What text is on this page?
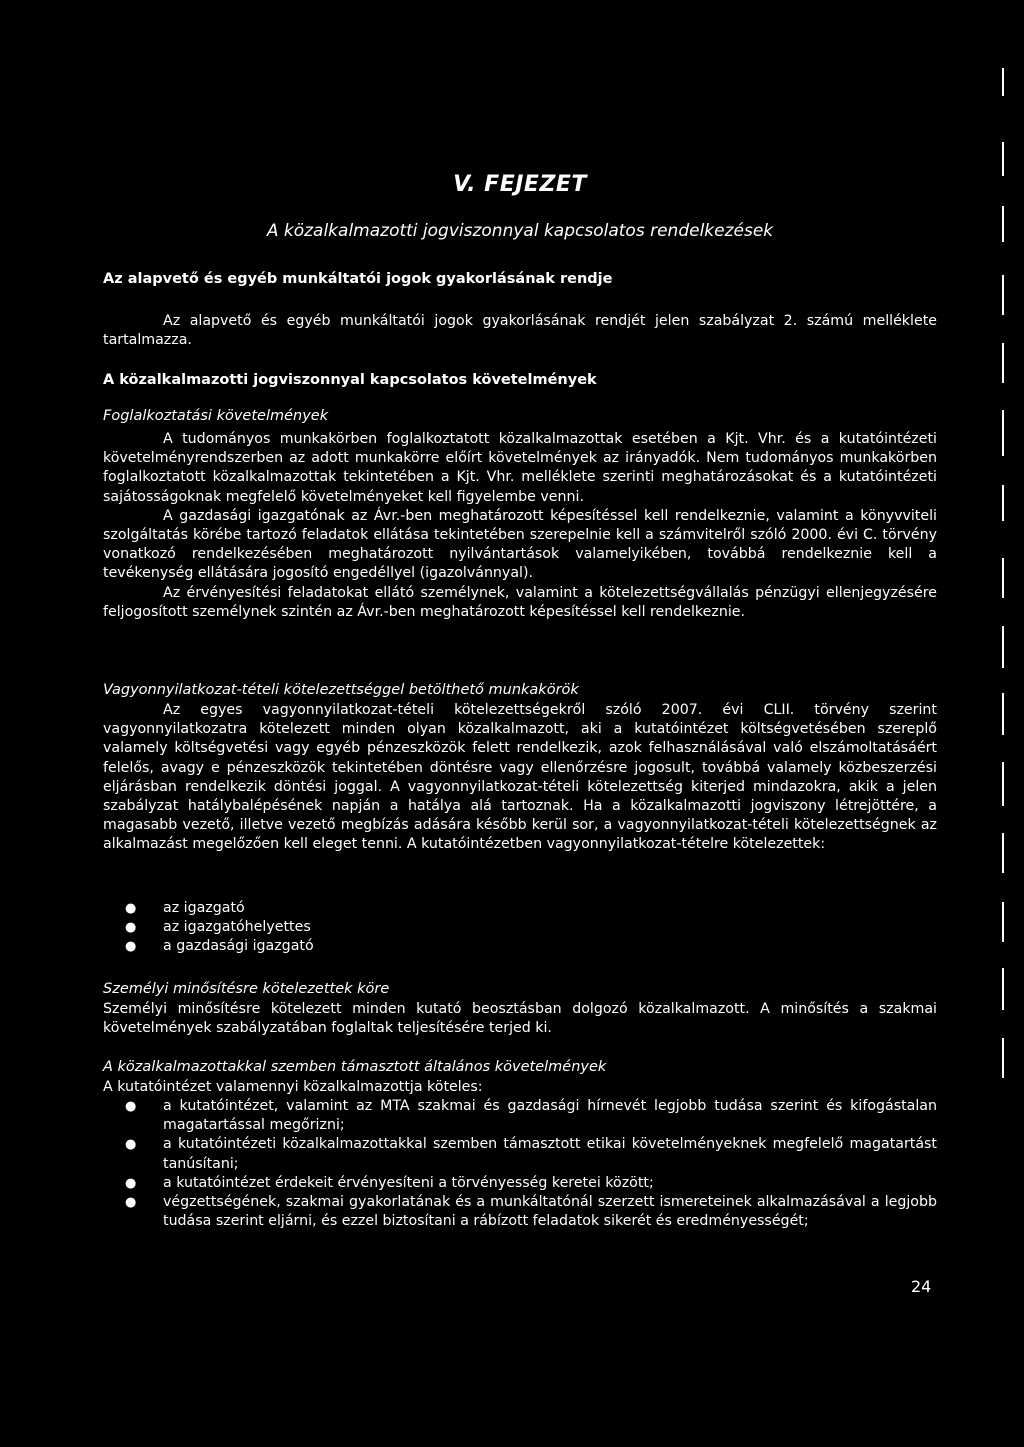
V. FEJEZET
A közalkalmazotti jogviszonnyal kapcsolatos rendelkezések
Az alapvető és egyéb munkáltatói jogok gyakorlásának rendje

Az alapvető és egyéb munkáltatói jogok gyakorlásának rendjét jelen szabályzat 2. számú melléklete tartalmazza.

A közalkalmazotti jogviszonnyal kapcsolatos követelmények
Foglalkoztatási követelmények

A tudományos munkakörben foglalkoztatott közalkalmazottak esetében a Kjt. Vhr. és a kutatóintézeti követelményrendszerben az adott munkakörre előírt követelmények az irányadók. Nem tudományos munkakörben foglalkoztatott közalkalmazottak tekintetében a Kjt. Vhr. melléklete szerinti meghatározásokat és a kutatóintézeti sajátosságoknak megfelelő követelményeket kell figyelembe venni.

A gazdasági igazgatónak az Ávr.-ben meghatározott képesítéssel kell rendelkeznie, valamint a könyvviteli szolgáltatás körébe tartozó feladatok ellátása tekintetében szerepelnie kell a számvitelről szóló 2000. évi C. törvény vonatkozó rendelkezésében meghatározott nyilvántartások valamelyikében, továbbá rendelkeznie kell a tevékenység ellátására jogosító engedéllyel (igazolvánnyal).

Az érvényesítési feladatokat ellátó személynek, valamint a kötelezettségvállalás pénzügyi ellenjegyzésére feljogosított személynek szintén az Ávr.-ben meghatározott képesítéssel kell rendelkeznie.

Vagyonnyilatkozat-tételi kötelezettséggel betölthető munkakörök

Az egyes vagyonnyilatkozat-tételi kötelezettségekről szóló 2007. évi CLII. törvény szerint vagyonnyilatkozatra kötelezett minden olyan közalkalmazott, aki a kutatóintézet költségvetésében szereplő valamely költségvetési vagy egyéb pénzeszközök felett rendelkezik, azok felhasználásával való elszámoltatásáért felelős, avagy e pénzeszközök tekintetében döntésre vagy ellenőrzésre jogosult, továbbá valamely közbeszerzési eljárásban rendelkezik döntési joggal. A vagyonnyilatkozat-tételi kötelezettség kiterjed mindazokra, akik a jelen szabályzat hatálybalépésének napján a hatálya alá tartoznak. Ha a közalkalmazotti jogviszony létrejöttére, a magasabb vezető, illetve vezető megbízás adására később kerül sor, a vagyonnyilatkozat-tételi kötelezettségnek az alkalmazást megelőzően kell eleget tenni. A kutatóintézetben vagyonnyilatkozat-tételre kötelezettek:

● az igazgató
● az igazgatóhelyettes
● a gazdasági igazgató
Személyi minősítésre kötelezettek köre

Személyi minősítésre kötelezett minden kutató beosztásban dolgozó közalkalmazott. A minősítés a szakmai követelmények szabályzatában foglaltak teljesítésére terjed ki.

A közalkalmazottakkal szemben támasztott általános követelmények

A kutatóintézet valamennyi közalkalmazottja köteles:

● a kutatóintézet, valamint az MTA szakmai és gazdasági hírnevét legjobb tudása szerint és kifogástalan magatartással megőrizni;
● a kutatóintézeti közalkalmazottakkal szemben támasztott etikai követelményeknek megfelelő magatartást tanúsítani;
● a kutatóintézet érdekeit érvényesíteni a törvényesség keretei között;
● végzettségének, szakmai gyakorlatának és a munkáltatónál szerzett ismereteinek alkalmazásával a legjobb tudása szerint eljárni, és ezzel biztosítani a rábízott feladatok sikerét és eredményességét;
24
